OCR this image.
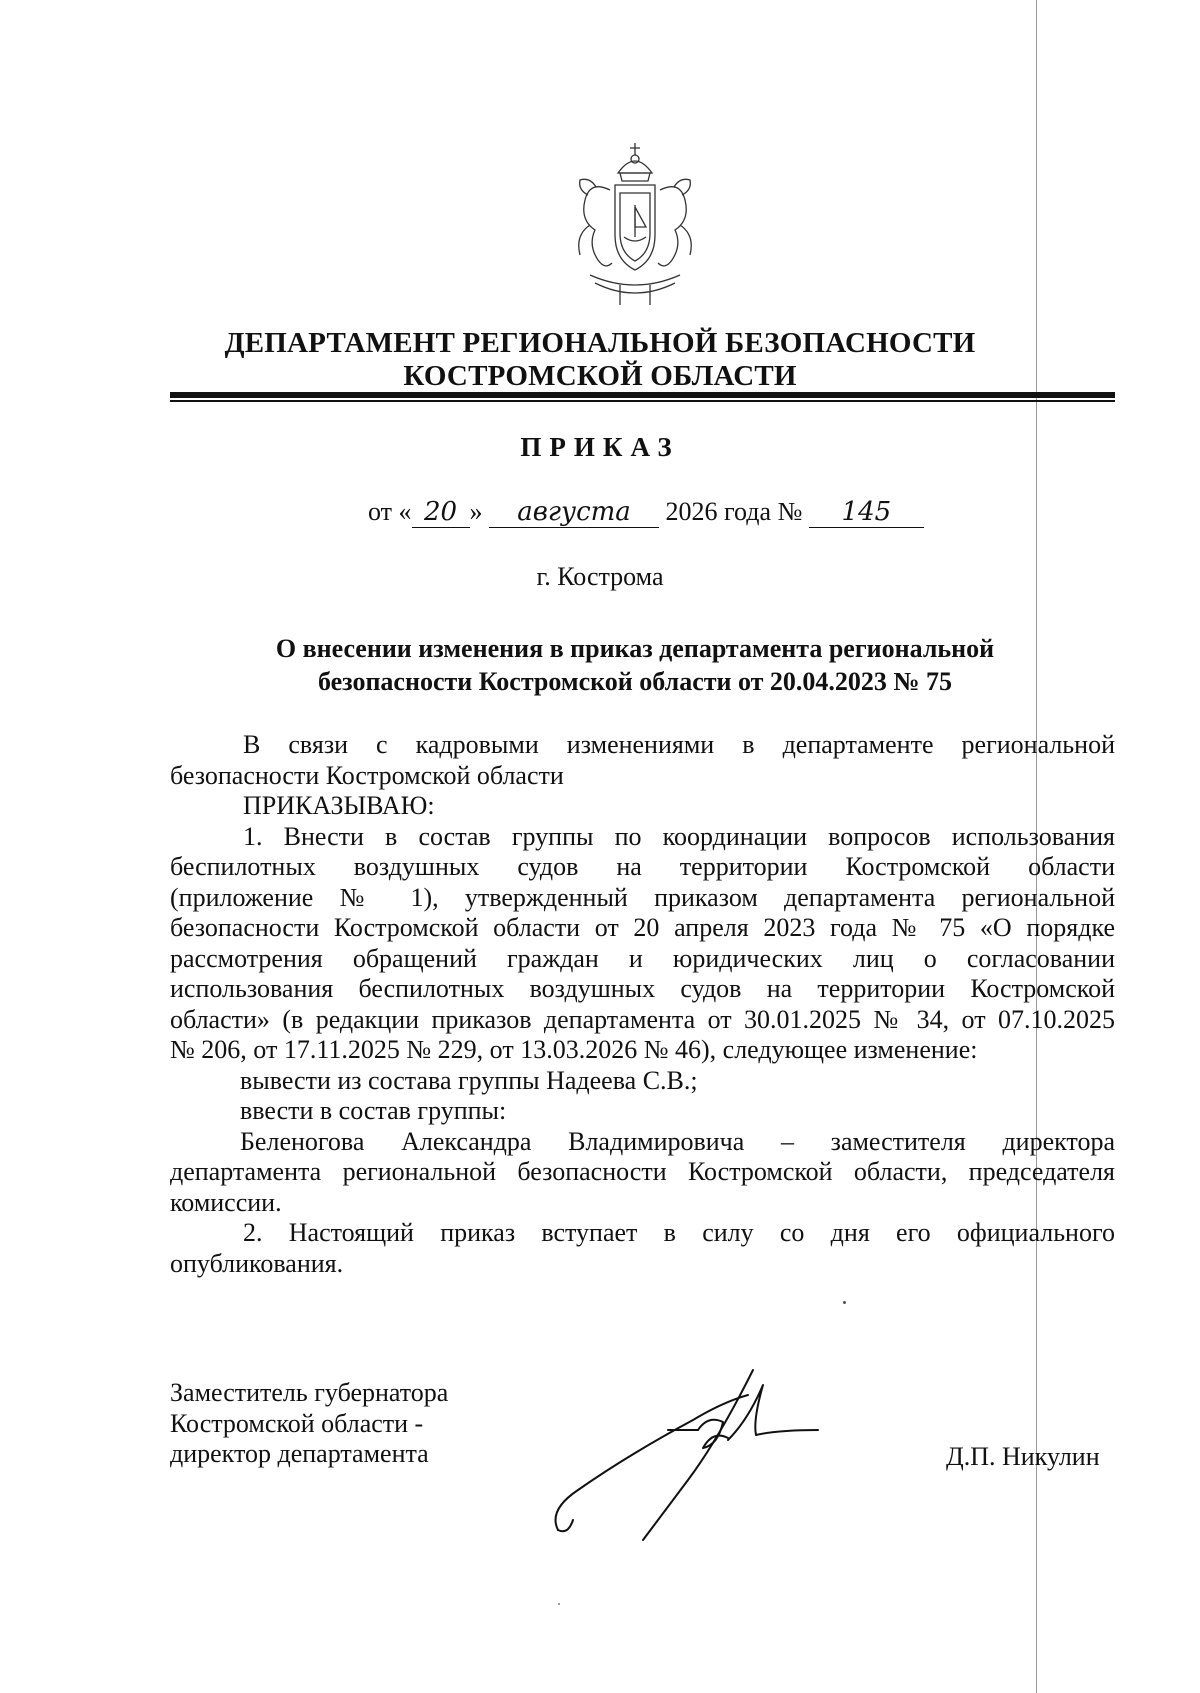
ДЕПАРТАМЕНТ РЕГИОНАЛЬНОЙ БЕЗОПАСНОСТИ
КОСТРОМСКОЙ ОБЛАСТИ
ПРИКАЗ
от « 20 » августа 2026 года № 145
г. Кострома
О внесении изменения в приказ департамента региональной
безопасности Костромской области от 20.04.2023 № 75
В связи с кадровыми изменениями в департаменте региональной
безопасности Костромской области
ПРИКАЗЫВАЮ:
1. Внести в состав группы по координации вопросов использования
беспилотных воздушных судов на территории Костромской области
(приложение № 1), утвержденный приказом департамента региональной
безопасности Костромской области от 20 апреля 2023 года № 75 «О порядке
рассмотрения обращений граждан и юридических лиц о согласовании
использования беспилотных воздушных судов на территории Костромской
области» (в редакции приказов департамента от 30.01.2025 № 34, от 07.10.2025
№ 206, от 17.11.2025 № 229, от 13.03.2026 № 46), следующее изменение:
вывести из состава группы Надеева С.В.;
ввести в состав группы:
Беленогова Александра Владимировича – заместителя директора
департамента региональной безопасности Костромской области, председателя
комиссии.
2. Настоящий приказ вступает в силу со дня его официального
опубликования.
Заместитель губернатора
Костромской области -
директор департамента	Д.П. Никулин
